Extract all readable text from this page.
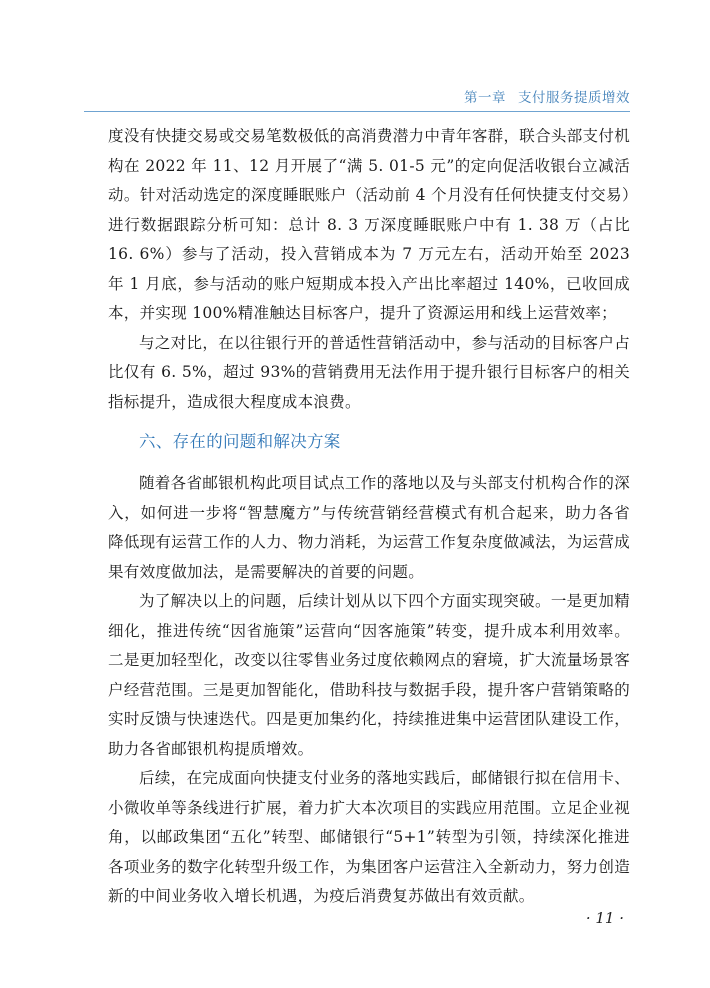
第一章 支付服务提质增效

度没有快捷交易或交易笔数极低的高消费潜力中青年客群，联合头部支付机构在 2022 年 11、12 月开展了“满 5. 01-5 元”的定向促活收银台立减活动。针对活动选定的深度睡眠账户（活动前 4 个月没有任何快捷支付交易）进行数据跟踪分析可知：总计 8. 3 万深度睡眠账户中有 1. 38 万（占比 16. 6%）参与了活动，投入营销成本为 7 万元左右，活动开始至 2023 年 1 月底，参与活动的账户短期成本投入产出比率超过 140%，已收回成本，并实现 100%精准触达目标客户，提升了资源运用和线上运营效率；

与之对比，在以往银行开的普适性营销活动中，参与活动的目标客户占比仅有 6. 5%，超过 93%的营销费用无法作用于提升银行目标客户的相关指标提升，造成很大程度成本浪费。

六、存在的问题和解决方案

随着各省邮银机构此项目试点工作的落地以及与头部支付机构合作的深入，如何进一步将“智慧魔方”与传统营销经营模式有机合起来，助力各省降低现有运营工作的人力、物力消耗，为运营工作复杂度做减法，为运营成果有效度做加法，是需要解决的首要的问题。

为了解决以上的问题，后续计划从以下四个方面实现突破。一是更加精细化，推进传统“因省施策”运营向“因客施策”转变，提升成本利用效率。二是更加轻型化，改变以往零售业务过度依赖网点的窘境，扩大流量场景客户经营范围。三是更加智能化，借助科技与数据手段，提升客户营销策略的实时反馈与快速迭代。四是更加集约化，持续推进集中运营团队建设工作，助力各省邮银机构提质增效。

后续，在完成面向快捷支付业务的落地实践后，邮储银行拟在信用卡、小微收单等条线进行扩展，着力扩大本次项目的实践应用范围。立足企业视角，以邮政集团“五化”转型、邮储银行“5+1”转型为引领，持续深化推进各项业务的数字化转型升级工作，为集团客户运营注入全新动力，努力创造新的中间业务收入增长机遇，为疫后消费复苏做出有效贡献。

· 11 ·
